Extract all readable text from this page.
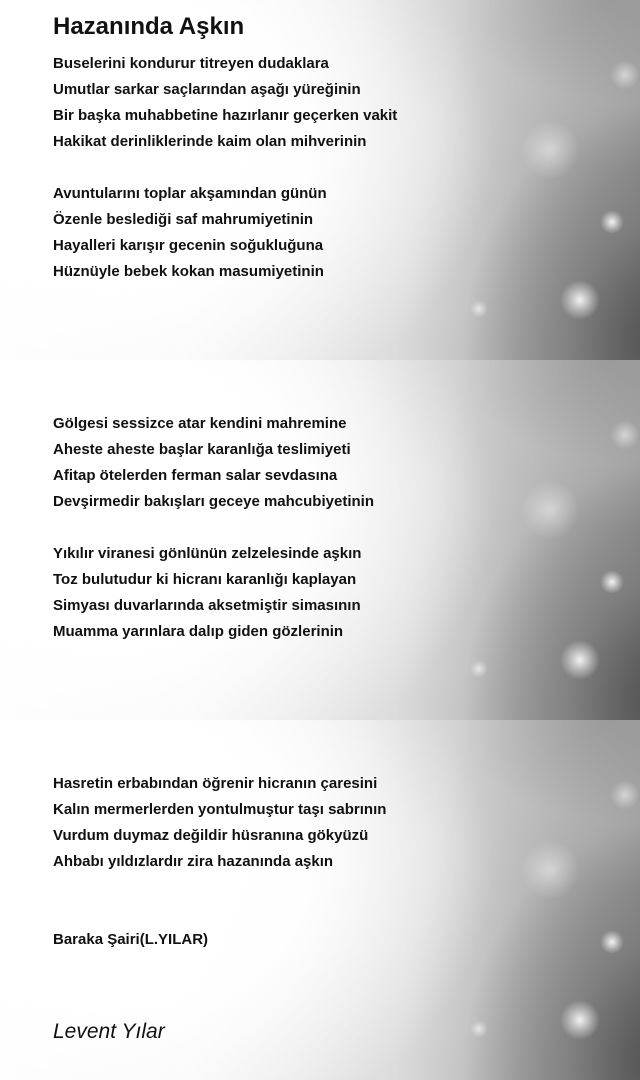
Hazanında Aşkın
Buselerini kondurur titreyen dudaklara
Umutlar sarkar saçlarından aşağı yüreğinin
Bir başka muhabbetine hazırlanır geçerken vakit
Hakikat derinliklerinde kaim olan mihverinin
Avuntularını toplar akşamından günün
Özenle beslediği saf mahrumiyetinin
Hayalleri karışır gecenin soğukluğuna
Hüznüyle bebek kokan masumiyetinin
Gölgesi sessizce atar kendini mahremine
Aheste aheste başlar karanlığa teslimiyeti
Afitap ötelerden ferman salar sevdasına
Devşirmedir bakışları geceye mahcubiyetinin
Yıkılır viranesi gönlünün zelzelesinde aşkın
Toz bulutudur ki hicranı karanlığı kaplayan
Simyası duvarlarında aksetmiştir simasının
Muamma yarınlara dalıp giden gözlerinin
Hasretin erbabından öğrenir hicranın çaresini
Kalın mermerlerden yontulmuştur taşı sabrının
Vurdum duymaz değildir hüsranına gökyüzü
Ahbabı yıldızlardır zira hazanında aşkın
Baraka Şairi(L.YILAR)
Levent Yılar
